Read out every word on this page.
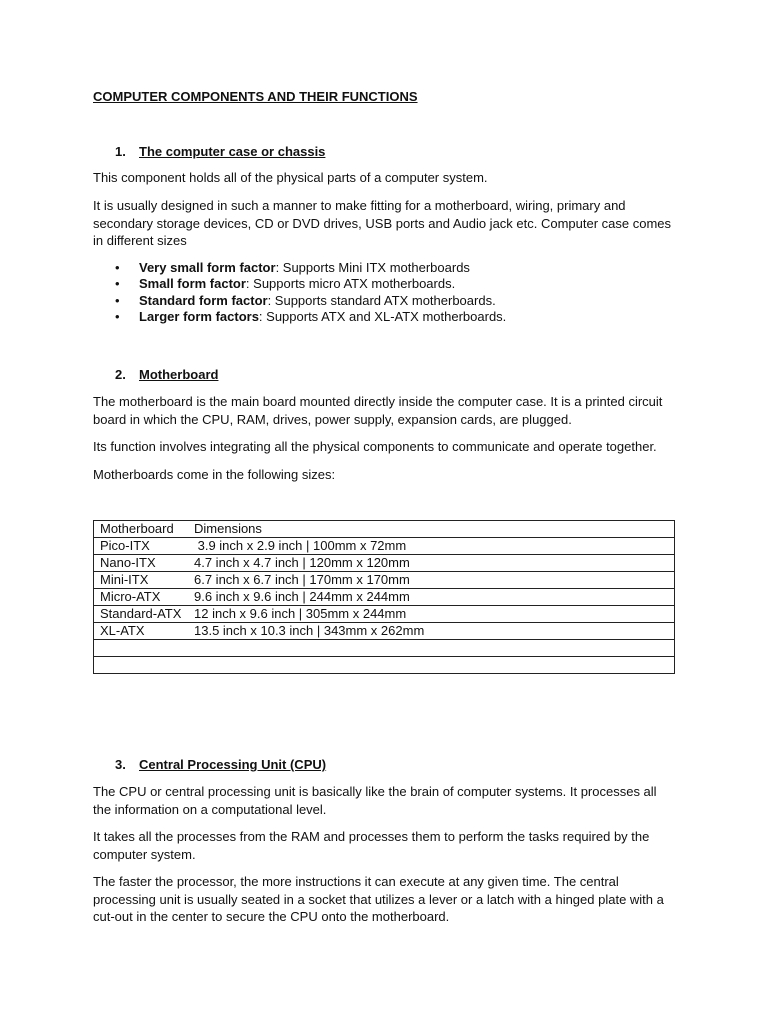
COMPUTER COMPONENTS AND THEIR FUNCTIONS
1. The computer case or chassis

This component holds all of the physical parts of a computer system.

It is usually designed in such a manner to make fitting for a motherboard, wiring, primary and secondary storage devices, CD or DVD drives, USB ports and Audio jack etc. Computer case comes in different sizes

• Very small form factor: Supports Mini ITX motherboards
• Small form factor: Supports micro ATX motherboards.
• Standard form factor: Supports standard ATX motherboards.
• Larger form factors: Supports ATX and XL-ATX motherboards.
2. Motherboard

The motherboard is the main board mounted directly inside the computer case. It is a printed circuit board in which the CPU, RAM, drives, power supply, expansion cards, are plugged.

Its function involves integrating all the physical components to communicate and operate together.

Motherboards come in the following sizes:

Motherboard	Dimensions
Pico-ITX	3.9 inch x 2.9 inch | 100mm x 72mm
Nano-ITX	4.7 inch x 4.7 inch | 120mm x 120mm
Mini-ITX	6.7 inch x 6.7 inch | 170mm x 170mm
Micro-ATX	9.6 inch x 9.6 inch | 244mm x 244mm
Standard-ATX	12 inch x 9.6 inch | 305mm x 244mm
XL-ATX	13.5 inch x 10.3 inch | 343mm x 262mm

3. Central Processing Unit (CPU)

The CPU or central processing unit is basically like the brain of computer systems. It processes all the information on a computational level.

It takes all the processes from the RAM and processes them to perform the tasks required by the computer system.

The faster the processor, the more instructions it can execute at any given time. The central processing unit is usually seated in a socket that utilizes a lever or a latch with a hinged plate with a cut-out in the center to secure the CPU onto the motherboard.
